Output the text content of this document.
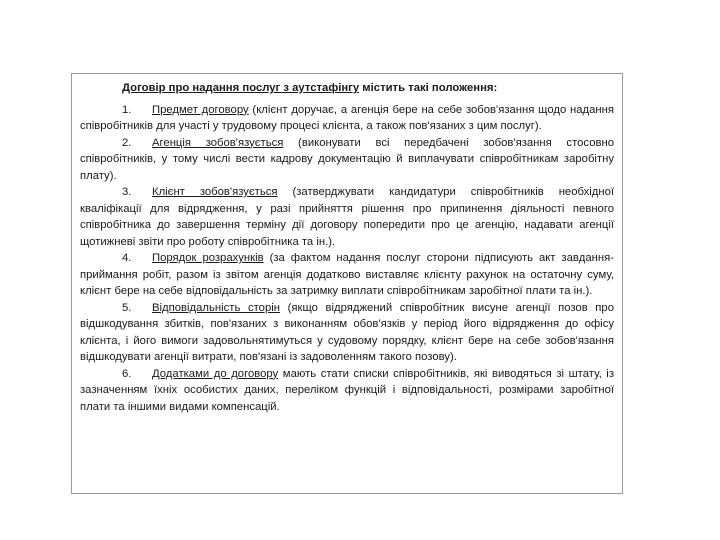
Договір про надання послуг з аутстафінгу містить такі положення:

1. Предмет договору (клієнт доручає, а агенція бере на себе зобов'язання щодо надання співробітників для участі у трудовому процесі клієнта, а також пов'язаних з цим послуг).

2. Агенція зобов'язується (виконувати всі передбачені зобов'язання стосовно співробітників, у тому числі вести кадрову документацію й виплачувати співробітникам заробітну плату).

3. Клієнт зобов'язується (затверджувати кандидатури співробітників необхідної кваліфікації для відрядження, у разі прийняття рішення про припинення діяльності певного співробітника до завершення терміну дії договору попередити про це агенцію, надавати агенції щотижневі звіти про роботу співробітника та ін.).

4. Порядок розрахунків (за фактом надання послуг сторони підписують акт завдання-приймання робіт, разом із звітом агенція додатково виставляє клієнту рахунок на остаточну суму, клієнт бере на себе відповідальність за затримку виплати співробітникам заробітної плати та ін.).

5. Відповідальність сторін (якщо відряджений співробітник висуне агенції позов про відшкодування збитків, пов'язаних з виконанням обов'язків у період його відрядження до офісу клієнта, і його вимоги задовольнятимуться у судовому порядку, клієнт бере на себе зобов'язання відшкодувати агенції витрати, пов'язані із задоволенням такого позову).

6. Додатками до договору мають стати списки співробітників, які виводяться зі штату, із зазначенням їхніх особистих даних, переліком функцій і відповідальності, розмірами заробітної плати та іншими видами компенсацій.
